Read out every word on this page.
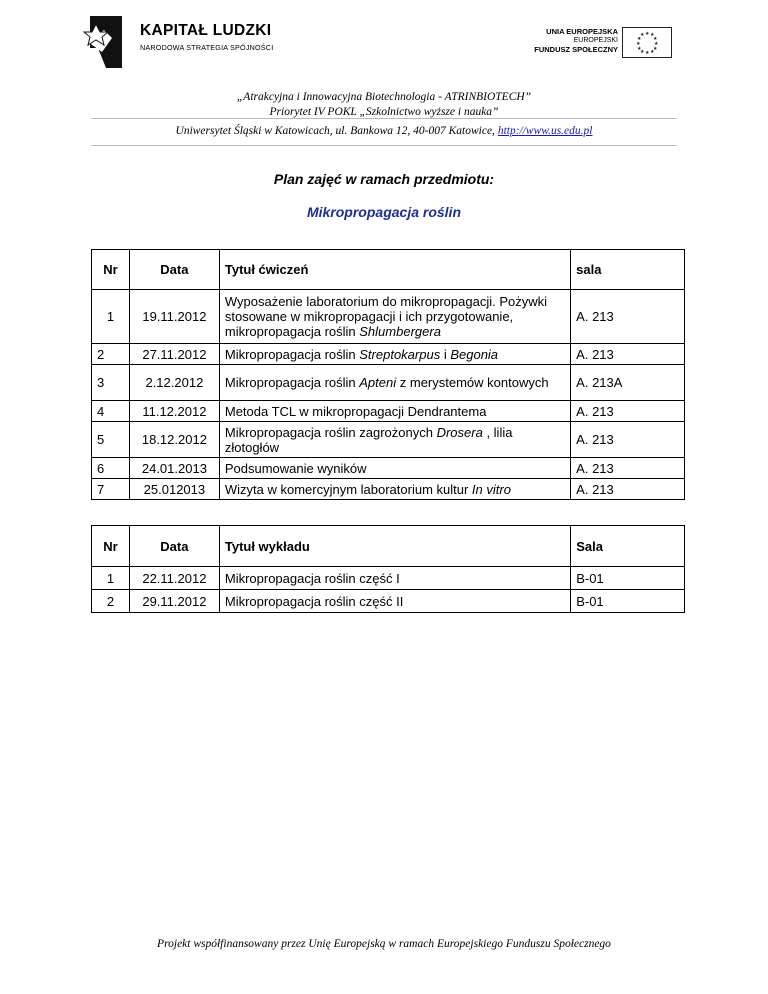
KAPITAŁ LUDZKI
NARODOWA STRATEGIA SPÓJNOŚCI
UNIA EUROPEJSKA
EUROPEJSKI
FUNDUSZ SPOŁECZNY
★ ★
★
★
★
★
★
★
★
★
★
★
„Atrakcyjna i Innowacyjna Biotechnologia - ATRINBIOTECH”
Priorytet IV POKL „Szkolnictwo wyższe i nauka”
Uniwersytet Śląski w Katowicach, ul. Bankowa 12, 40-007 Katowice, http://www.us.edu.pl
Plan zajęć w ramach przedmiotu:
Mikropropagacja roślin
Nr	Data	Tytuł ćwiczeń	sala
1	19.11.2012	Wyposażenie laboratorium do mikropropagacji. Pożywki stosowane w mikropropagacji i ich przygotowanie, mikropropagacja roślin Shlumbergera	A. 213
2	27.11.2012	Mikropropagacja roślin Streptokarpus i Begonia	A. 213
3	2.12.2012	Mikropropagacja roślin Apteni z merystemów kontowych	A. 213A
4	11.12.2012	Metoda TCL w mikropropagacji Dendrantema	A. 213
5	18.12.2012	Mikropropagacja roślin zagrożonych Drosera , lilia złotogłów	A. 213
6	24.01.2013	Podsumowanie wyników	A. 213
7	25.012013	Wizyta w komercyjnym laboratorium kultur In vitro	A. 213
Nr	Data	Tytuł wykładu	Sala
1	22.11.2012	Mikropropagacja roślin część I	B-01
2	29.11.2012	Mikropropagacja roślin część II	B-01
Projekt współfinansowany przez Unię Europejską w ramach Europejskiego Funduszu Społecznego
